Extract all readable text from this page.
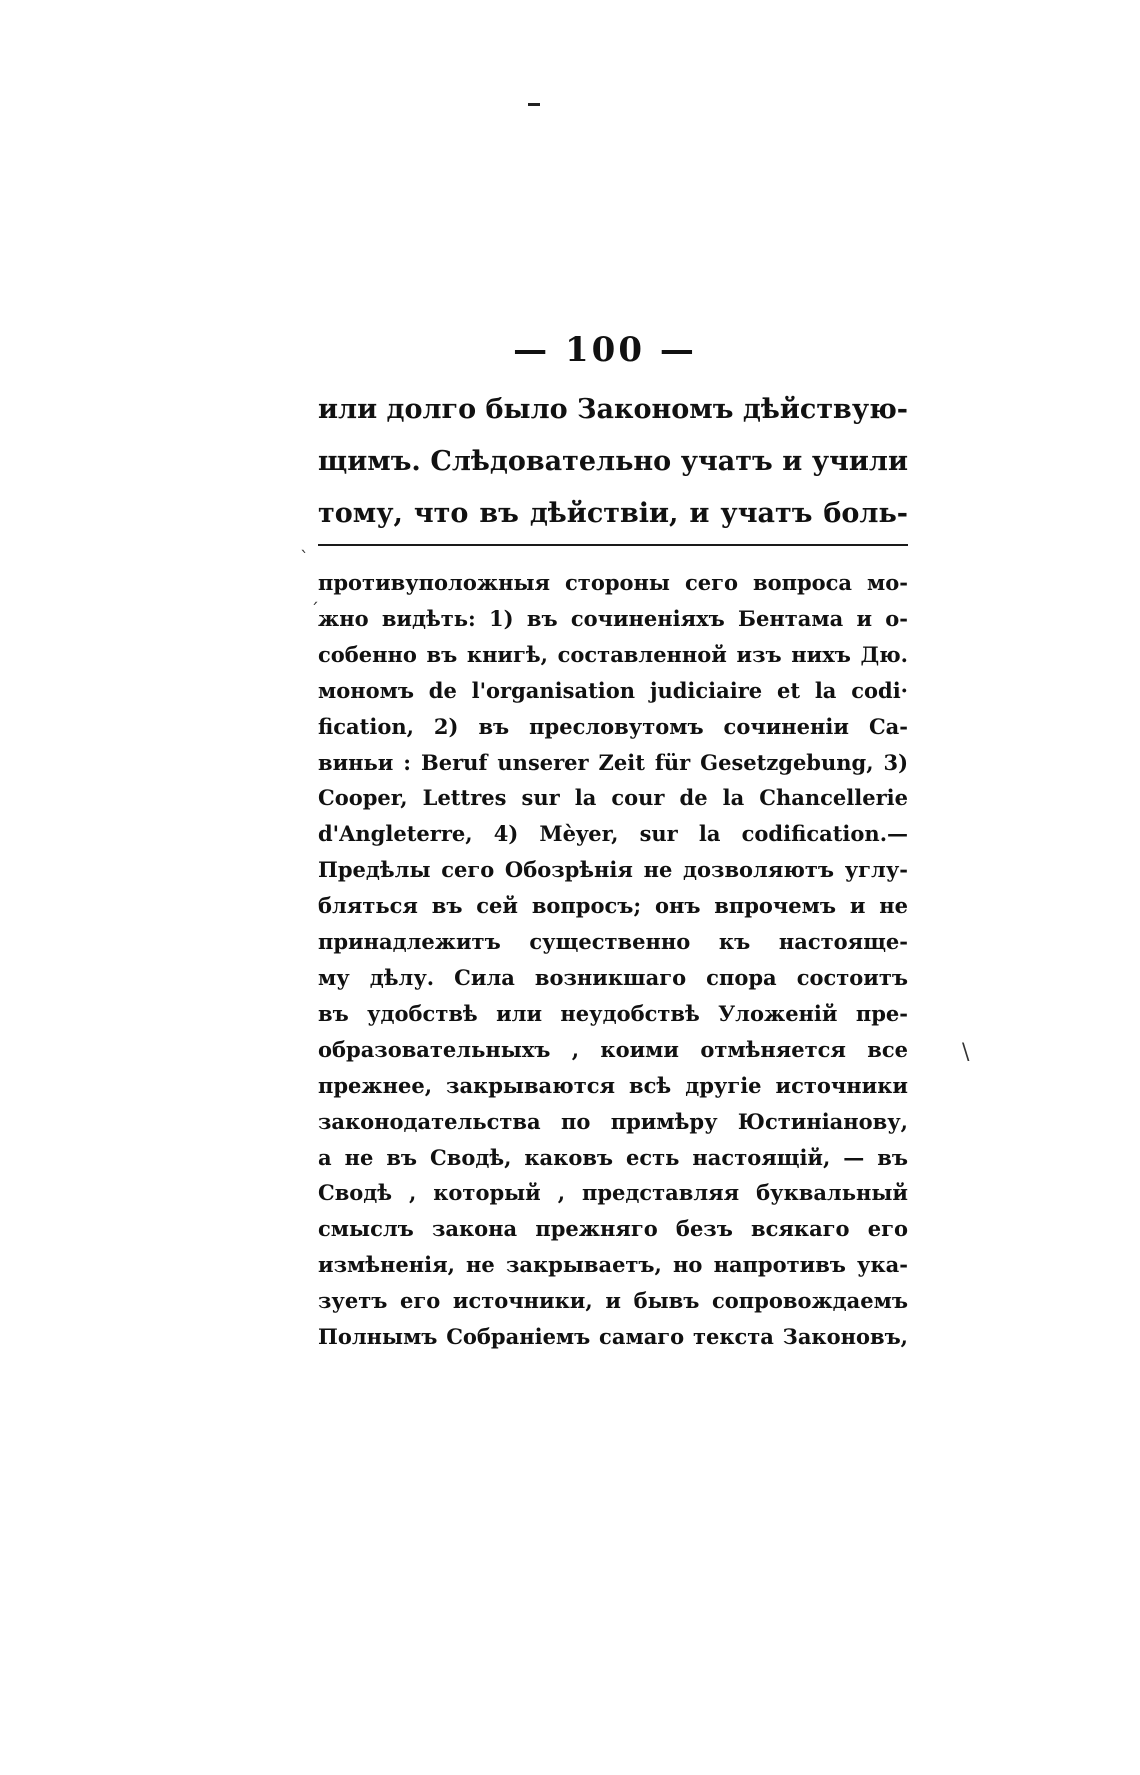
— 100 —
или долго было Закономъ дѣйствую-
щимъ. Слѣдовательно учатъ и учили
тому, что въ дѣйствіи, и учатъ боль-
`
´
\
противуположныя стороны сего вопроса мо-
жно видѣть: 1) въ сочиненіяхъ Бентама и о-
собенно въ книгѣ, составленной изъ нихъ Дю.
мономъ de l'organisation judiciaire et la codi·
fication, 2) въ пресловутомъ сочиненіи Са-
виньи : Beruf unserer Zeit für Gesetzgebung, 3)
Cooper, Lettres sur la cour de la Chancellerie
d'Angleterre, 4) Mèyer, sur la codification.—
Предѣлы сего Обозрѣнія не дозволяютъ углу-
бляться въ сей вопросъ; онъ впрочемъ и не
принадлежитъ существенно къ настояще-
му дѣлу. Сила возникшаго спора состоитъ
въ удобствѣ или неудобствѣ Уложеній пре-
образовательныхъ , коими отмѣняется все
прежнее, закрываются всѣ другіе источники
законодательства по примѣру Юстиніанову,
а не въ Сводѣ, каковъ есть настоящій, — въ
Сводѣ , который , представляя буквальный
смыслъ закона прежняго безъ всякаго его
измѣненія, не закрываетъ, но напротивъ ука-
зуетъ его источники, и бывъ сопровождаемъ
Полнымъ Собраніемъ самаго текста Законовъ,
